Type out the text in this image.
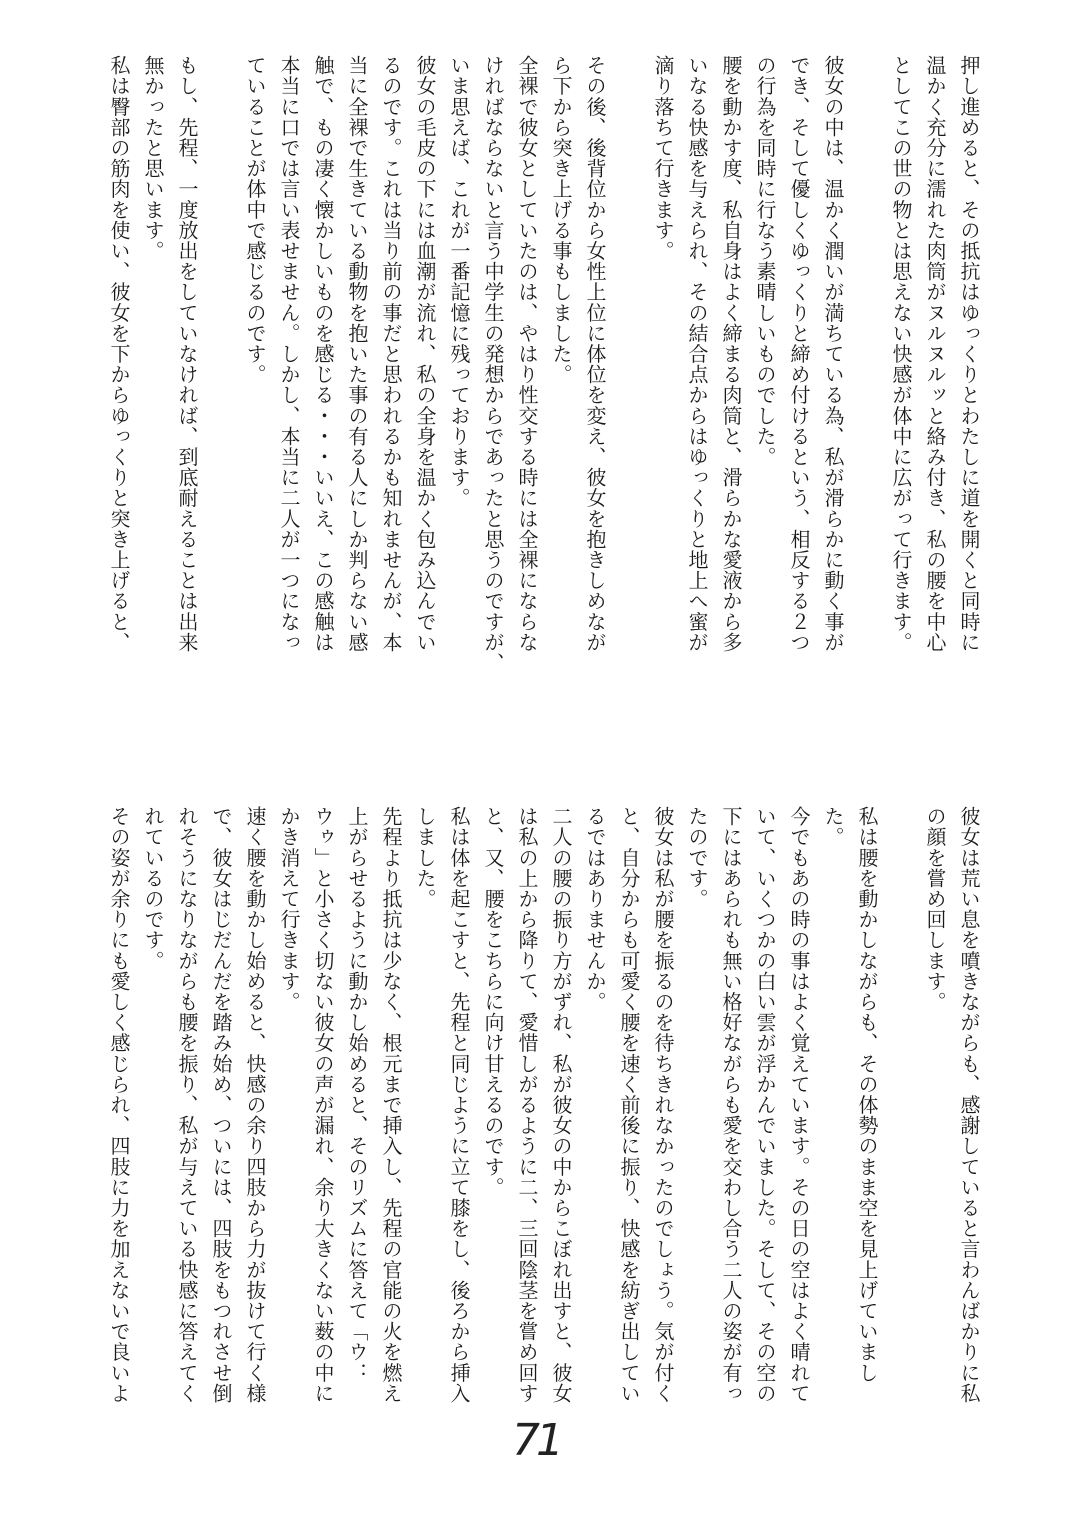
押し進めると、その抵抗はゆっくりとわたしに道を開くと同時に
温かく充分に濡れた肉筒がヌルヌルッと絡み付き、私の腰を中心
としてこの世の物とは思えない快感が体中に広がって行きます。
彼女の中は、温かく潤いが満ちている為、私が滑らかに動く事が
でき、そして優しくゆっくりと締め付けるという、相反する２つ
の行為を同時に行なう素晴しいものでした。
腰を動かす度、私自身はよく締まる肉筒と、滑らかな愛液から多
いなる快感を与えられ、その結合点からはゆっくりと地上へ蜜が
滴り落ちて行きます。
その後、後背位から女性上位に体位を変え、彼女を抱きしめなが
ら下から突き上げる事もしました。
全裸で彼女としていたのは、やはり性交する時には全裸にならな
ければならないと言う中学生の発想からであったと思うのですが、
いま思えば、これが一番記憶に残っております。
彼女の毛皮の下には血潮が流れ、私の全身を温かく包み込んでい
るのです。これは当り前の事だと思われるかも知れませんが、本
当に全裸で生きている動物を抱いた事の有る人にしか判らない感
触で、もの凄く懐かしいものを感じる・・・いいえ、この感触は
本当に口では言い表せません。しかし、本当に二人が一つになっ
ていることが体中で感じるのです。
もし、先程、一度放出をしていなければ、到底耐えることは出来
無かったと思います。
私は臀部の筋肉を使い、彼女を下からゆっくりと突き上げると、
彼女は荒い息を噴きながらも、感謝していると言わんばかりに私
の顔を嘗め回します。
私は腰を動かしながらも、その体勢のまま空を見上げていまし
た。
今でもあの時の事はよく覚えています。その日の空はよく晴れて
いて、いくつかの白い雲が浮かんでいました。そして、その空の
下にはあられも無い格好ながらも愛を交わし合う二人の姿が有っ
たのです。
彼女は私が腰を振るのを待ちきれなかったのでしょう。気が付く
と、自分からも可愛く腰を速く前後に振り、快感を紡ぎ出してい
るではありませんか。
二人の腰の振り方がずれ、私が彼女の中からこぼれ出すと、彼女
は私の上から降りて、愛惜しがるように二、三回陰茎を嘗め回す
と、又、腰をこちらに向け甘えるのです。
私は体を起こすと、先程と同じように立て膝をし、後ろから挿入
しました。
先程より抵抗は少なく、根元まで挿入し、先程の官能の火を燃え
上がらせるように動かし始めると、そのリズムに答えて「ウ：
ウゥ」と小さく切ない彼女の声が漏れ、余り大きくない薮の中に
かき消えて行きます。
速く腰を動かし始めると、快感の余り四肢から力が抜けて行く様
で、彼女はじだんだを踏み始め、ついには、四肢をもつれさせ倒
れそうになりながらも腰を振り、私が与えている快感に答えてく
れているのです。
その姿が余りにも愛しく感じられ、四肢に力を加えないで良いよ
71
